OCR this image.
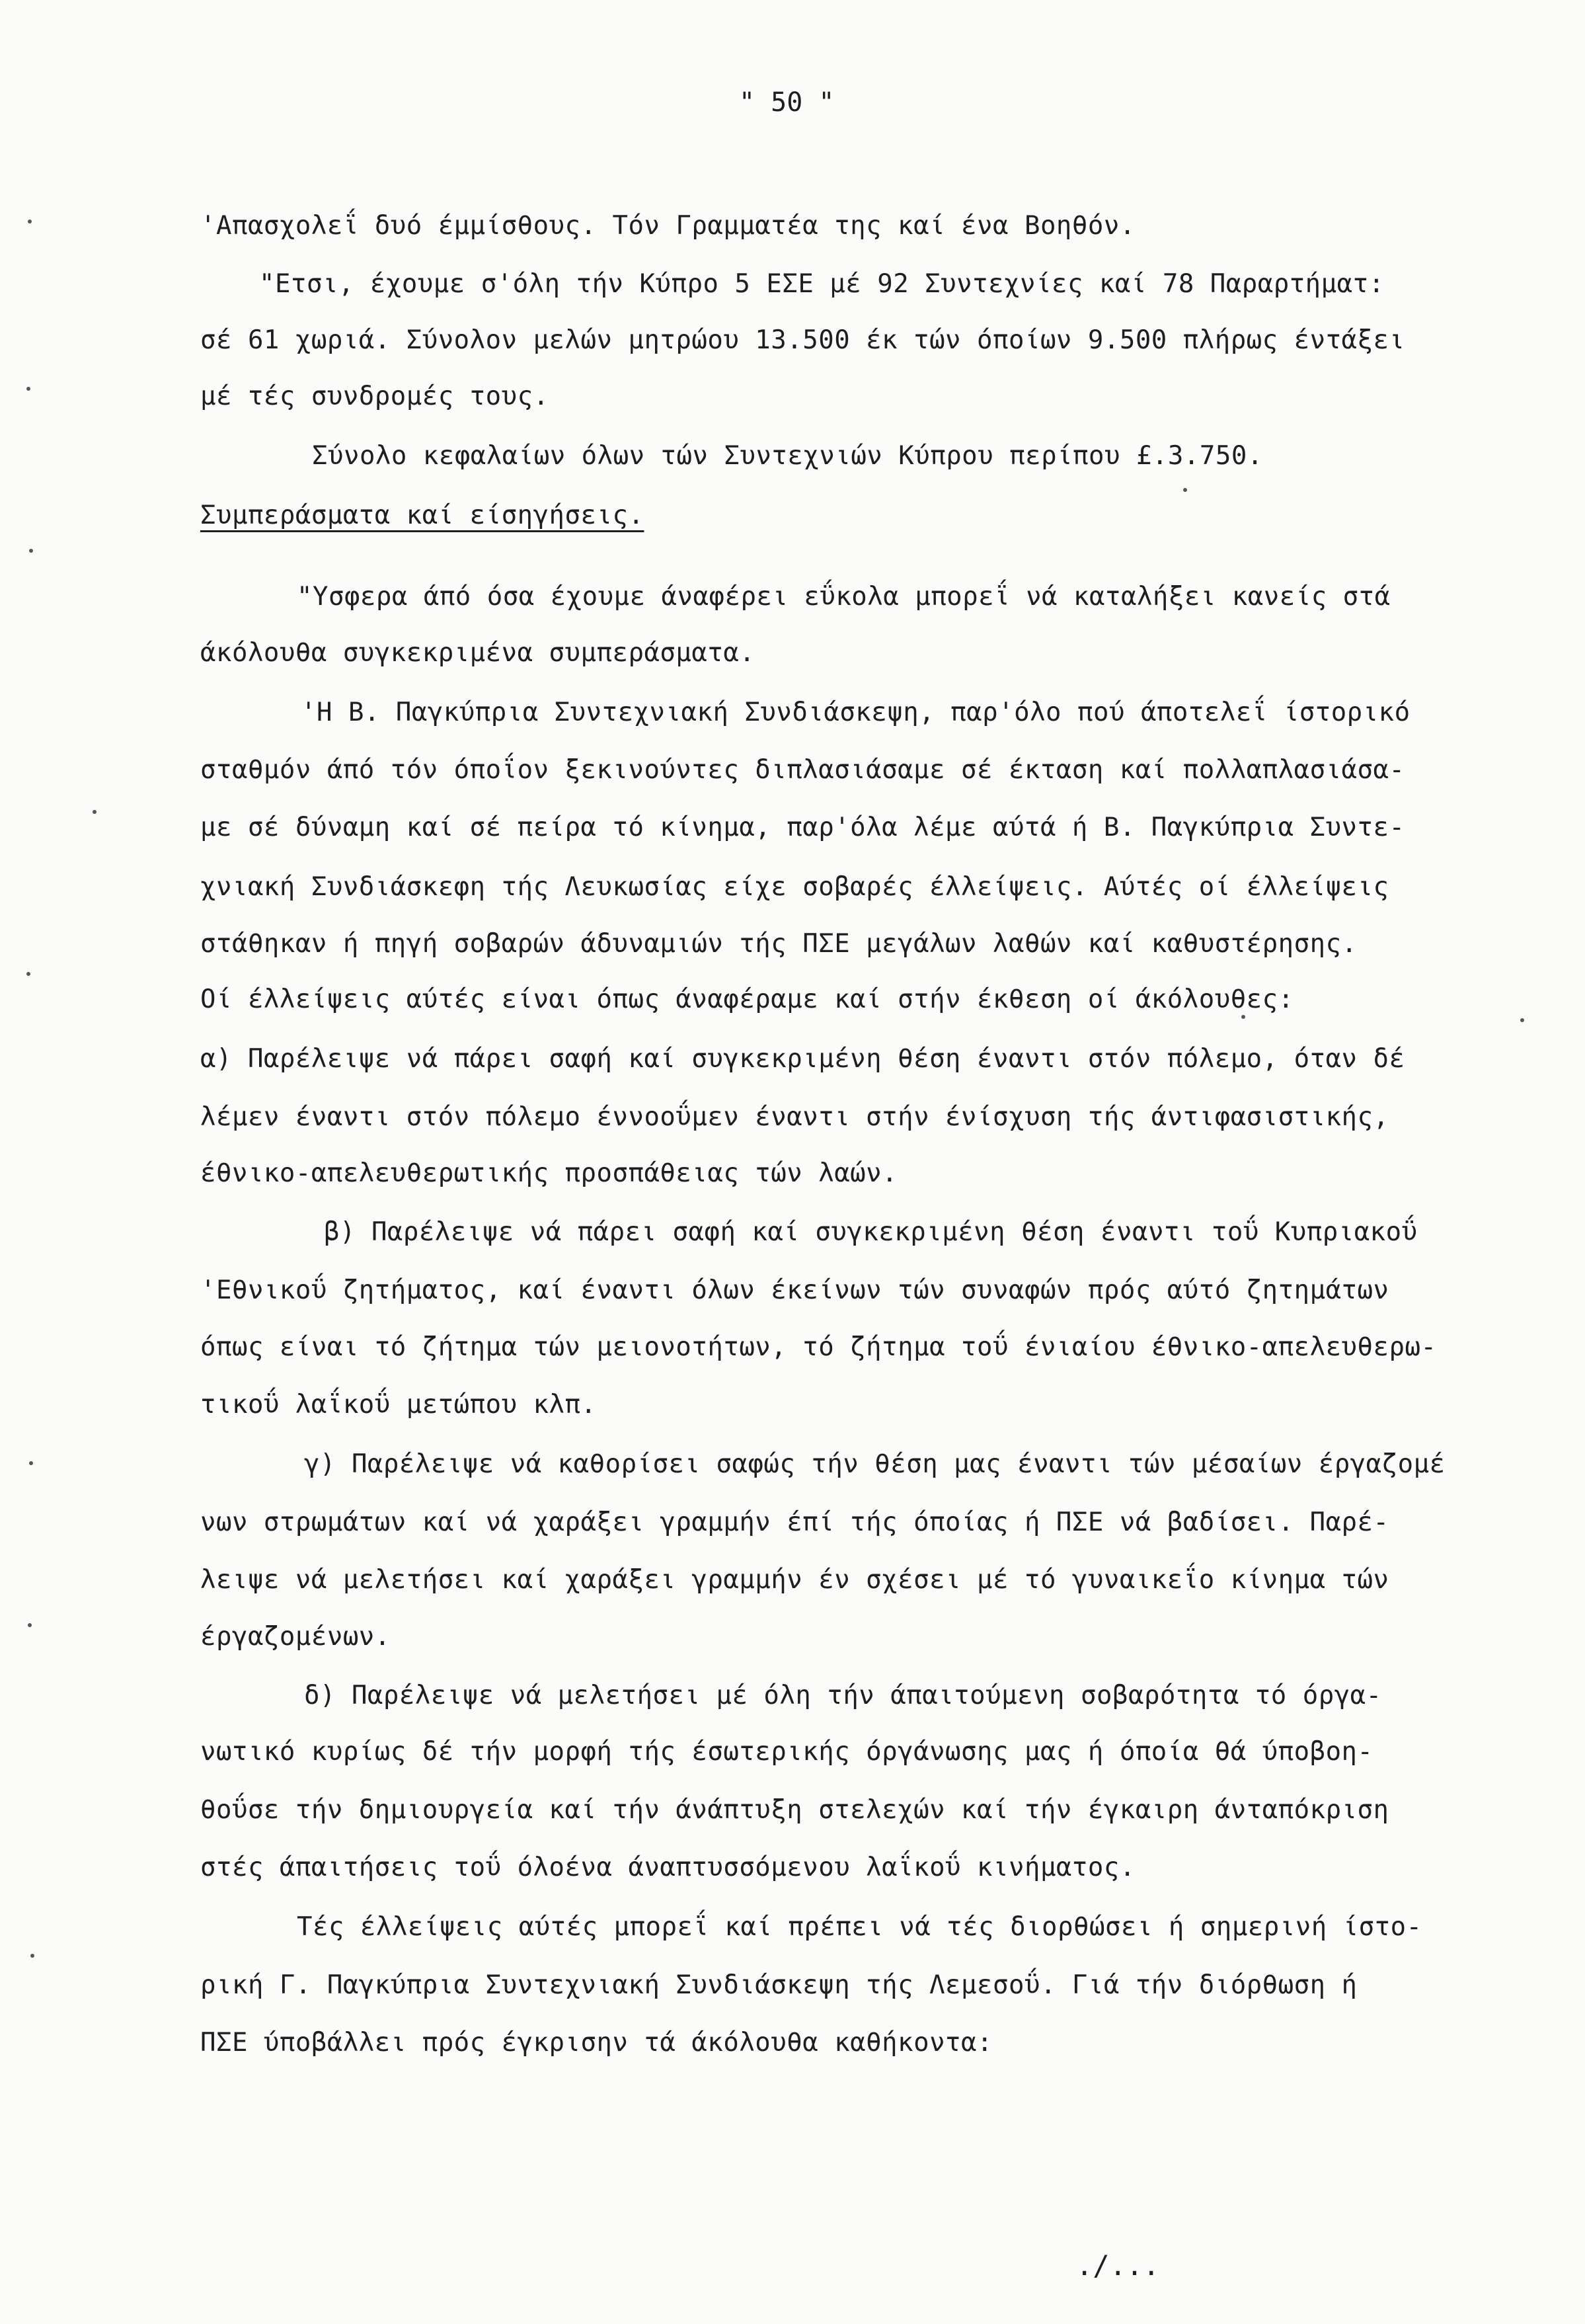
" 50 "
'Απασχολεΐ δυό έμμίσθους. Τόν Γραμματέα της καί ένα Βοηθόν.
"Ετσι, έχουμε σ'όλη τήν Κύπρο 5 ΕΣΕ μέ 92 Συντεχνίες καί 78 Παραρτήματ:
σέ 61 χωριά. Σύνολον μελών μητρώου 13.500 έκ τών όποίων 9.500 πλήρως έντάξει
μέ τές συνδρομές τους.
Σύνολο κεφαλαίων όλων τών Συντεχνιών Κύπρου περίπου £.3.750.
Συμπεράσματα καί είσηγήσεις.
"Υσφερα άπό όσα έχουμε άναφέρει εΰκολα μπορεΐ νά καταλήξει κανείς στά
άκόλουθα συγκεκριμένα συμπεράσματα.
'Η Β. Παγκύπρια Συντεχνιακή Συνδιάσκεψη, παρ'όλο πού άποτελεΐ ίστορικό
σταθμόν άπό τόν όποΐον ξεκινούντες διπλασιάσαμε σέ έκταση καί πολλαπλασιάσα-
με σέ δύναμη καί σέ πείρα τό κίνημα, παρ'όλα λέμε αύτά ή Β. Παγκύπρια Συντε-
χνιακή Συνδιάσκεφη τής Λευκωσίας είχε σοβαρές έλλείψεις. Αύτές οί έλλείψεις
στάθηκαν ή πηγή σοβαρών άδυναμιών τής ΠΣΕ μεγάλων λαθών καί καθυστέρησης.
Οί έλλείψεις αύτές είναι όπως άναφέραμε καί στήν έκθεση οί άκόλουθες:
α) Παρέλειψε νά πάρει σαφή καί συγκεκριμένη θέση έναντι στόν πόλεμο, όταν δέ
λέμεν έναντι στόν πόλεμο έννοοΰμεν έναντι στήν ένίσχυση τής άντιφασιστικής,
έθνικο-απελευθερωτικής προσπάθειας τών λαών.
β) Παρέλειψε νά πάρει σαφή καί συγκεκριμένη θέση έναντι τοΰ Κυπριακοΰ
'Εθνικοΰ ζητήματος, καί έναντι όλων έκείνων τών συναφών πρός αύτό ζητημάτων
όπως είναι τό ζήτημα τών μειονοτήτων, τό ζήτημα τοΰ ένιαίου έθνικο-απελευθερω-
τικοΰ λαΐκοΰ μετώπου κλπ.
γ) Παρέλειψε νά καθορίσει σαφώς τήν θέση μας έναντι τών μέσαίων έργαζομέ
νων στρωμάτων καί νά χαράξει γραμμήν έπί τής όποίας ή ΠΣΕ νά βαδίσει. Παρέ-
λειψε νά μελετήσει καί χαράξει γραμμήν έν σχέσει μέ τό γυναικεΐο κίνημα τών
έργαζομένων.
δ) Παρέλειψε νά μελετήσει μέ όλη τήν άπαιτούμενη σοβαρότητα τό όργα-
νωτικό κυρίως δέ τήν μορφή τής έσωτερικής όργάνωσης μας ή όποία θά ύποβοη-
θοΰσε τήν δημιουργεία καί τήν άνάπτυξη στελεχών καί τήν έγκαιρη άνταπόκριση
στές άπαιτήσεις τοΰ όλοένα άναπτυσσόμενου λαΐκοΰ κινήματος.
Τές έλλείψεις αύτές μπορεΐ καί πρέπει νά τές διορθώσει ή σημερινή ίστο-
ρική Γ. Παγκύπρια Συντεχνιακή Συνδιάσκεψη τής Λεμεσοΰ. Γιά τήν διόρθωση ή
ΠΣΕ ύποβάλλει πρός έγκρισην τά άκόλουθα καθήκοντα:
./...
